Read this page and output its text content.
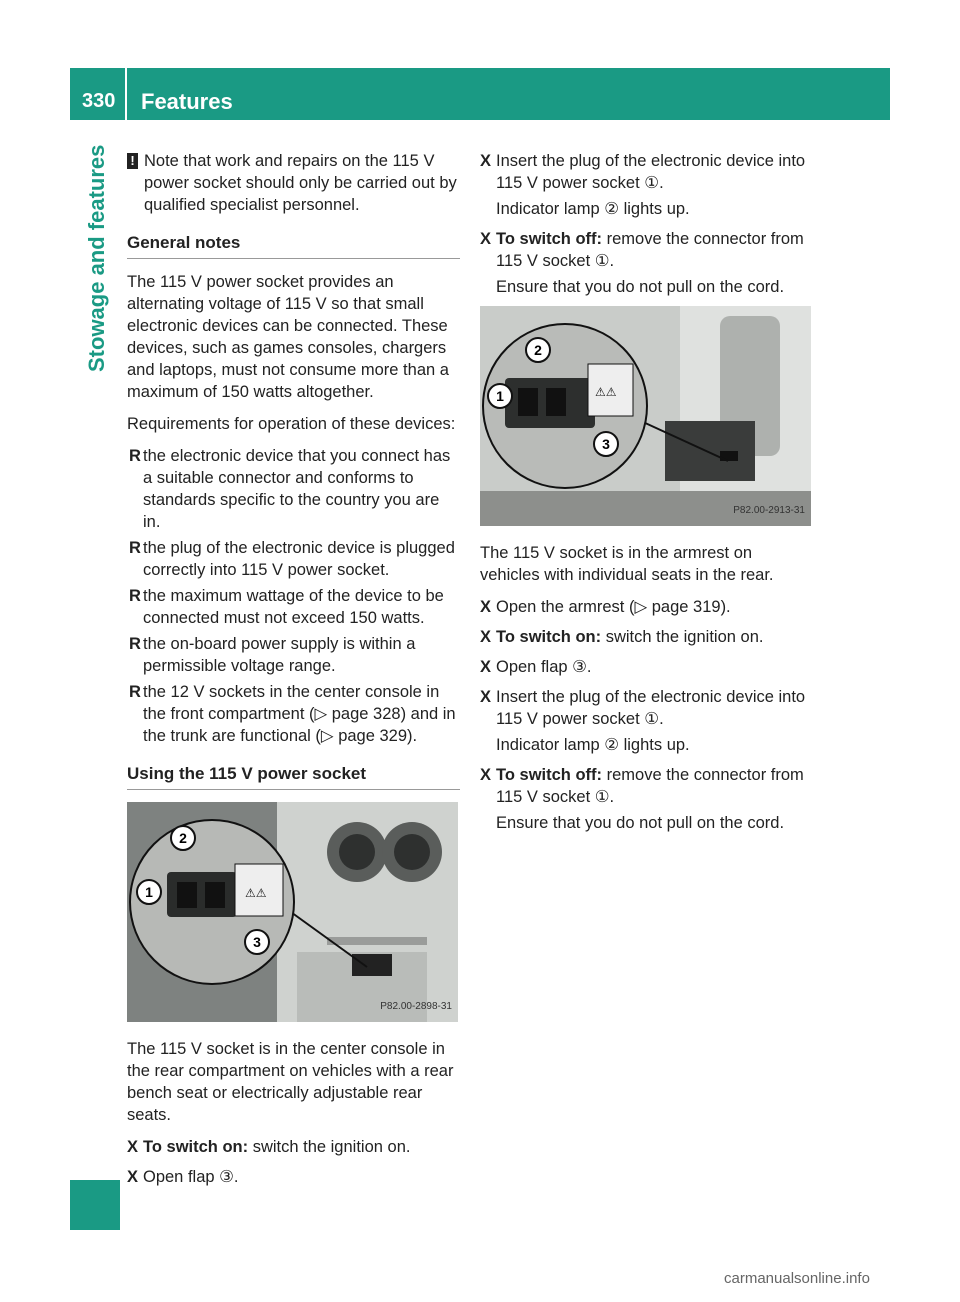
330 Features
Stowage and features	! Note that work and repairs on the 115 V power socket should only be carried out by qualified specialist personnel.

General notes

The 115 V power socket provides an alternating voltage of 115 V so that small electronic devices can be connected. These devices, such as games consoles, chargers and laptops, must not consume more than a maximum of 150 watts altogether.

Requirements for operation of these devices:

R the electronic device that you connect has a suitable connector and conforms to standards specific to the country you are in.
R the plug of the electronic device is plugged correctly into 115 V power socket.
R the maximum wattage of the device to be connected must not exceed 150 watts.
R the on-board power supply is within a permissible voltage range.
R the 12 V sockets in the center console in the front compartment (▷ page 328) and in the trunk are functional (▷ page 329).
Using the 115 V power socket
⚠⚠
2
1
3
P82.00-2898-31

The 115 V socket is in the center console in the rear compartment on vehicles with a rear bench seat or electrically adjustable rear seats.

X To switch on: switch the ignition on.
X Open flap ③.
X Insert the plug of the electronic device into 115 V power socket ①.
Indicator lamp ② lights up.
X To switch off: remove the connector from 115 V socket ①.
Ensure that you do not pull on the cord.
⚠⚠
2
1
3
P82.00-2913-31

The 115 V socket is in the armrest on vehicles with individual seats in the rear.

X Open the armrest (▷ page 319).
X To switch on: switch the ignition on.
X Open flap ③.
X Insert the plug of the electronic device into 115 V power socket ①.
Indicator lamp ② lights up.
X To switch off: remove the connector from 115 V socket ①.
Ensure that you do not pull on the cord.
carmanualsonline.info
